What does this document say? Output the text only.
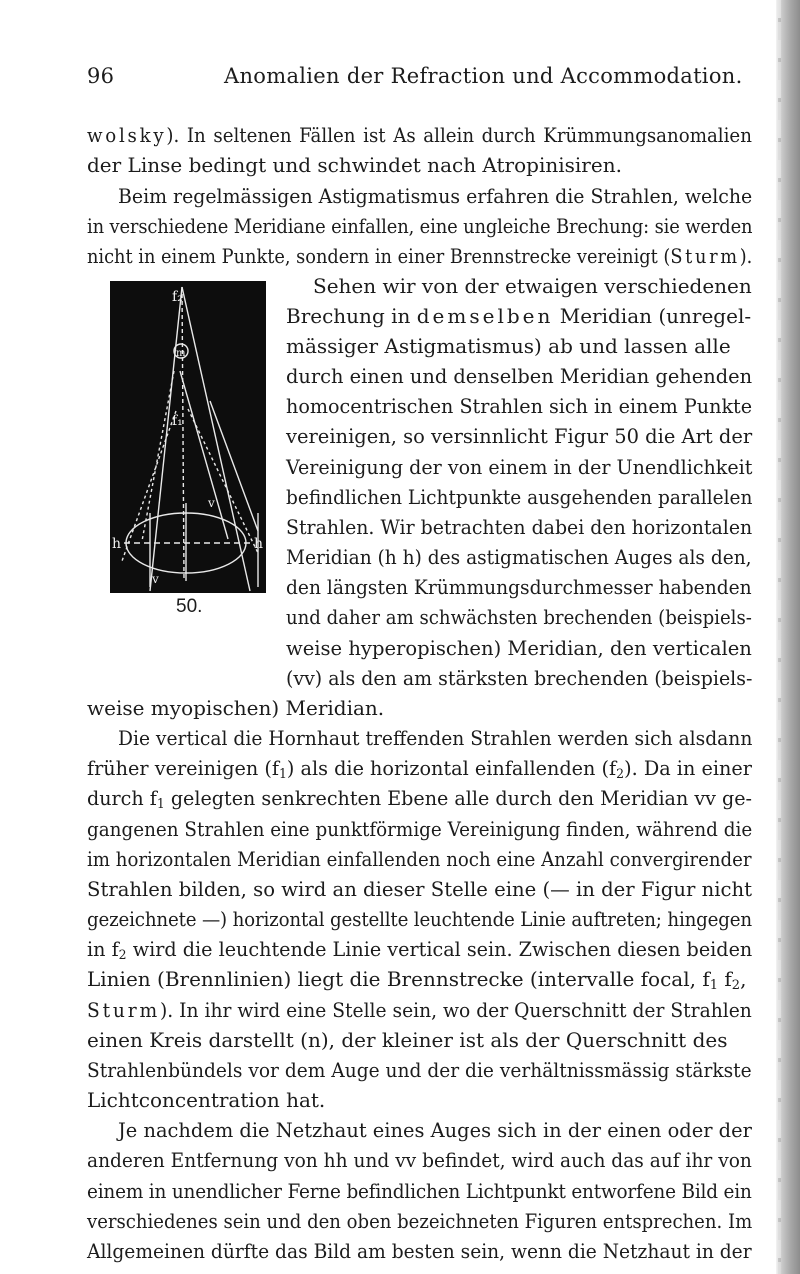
96	Anomalien der Refraction und Accommodation.
f₂
m
f₁
v
h	h
v
50.
wolsky). In seltenen Fällen ist As allein durch Krümmungsanomalien
der Linse bedingt und schwindet nach Atropinisiren.
Beim regelmässigen Astigmatismus erfahren die Strahlen, welche
in verschiedene Meridiane einfallen, eine ungleiche Brechung: sie werden
nicht in einem Punkte, sondern in einer Brennstrecke vereinigt (Sturm).
Sehen wir von der etwaigen verschiedenen
Brechung in demselben Meridian (unregel-
mässiger Astigmatismus) ab und lassen alle
durch einen und denselben Meridian gehenden
homocentrischen Strahlen sich in einem Punkte
vereinigen, so versinnlicht Figur 50 die Art der
Vereinigung der von einem in der Unendlichkeit
befindlichen Lichtpunkte ausgehenden parallelen
Strahlen. Wir betrachten dabei den horizontalen
Meridian (h h) des astigmatischen Auges als den,
den längsten Krümmungsdurchmesser habenden
und daher am schwächsten brechenden (beispiels-
weise hyperopischen) Meridian, den verticalen
(vv) als den am stärksten brechenden (beispiels-
weise myopischen) Meridian.
Die vertical die Hornhaut treffenden Strahlen werden sich alsdann
früher vereinigen $(f_1)$ als die horizontal einfallenden $(f_2)$. Da in einer
durch $f_1$ gelegten senkrechten Ebene alle durch den Meridian vv ge-
gangenen Strahlen eine punktförmige Vereinigung finden, während die
im horizontalen Meridian einfallenden noch eine Anzahl convergirender
Strahlen bilden, so wird an dieser Stelle eine (— in der Figur nicht
gezeichnete —) horizontal gestellte leuchtende Linie auftreten; hingegen
in $f_2$ wird die leuchtende Linie vertical sein. Zwischen diesen beiden
Linien (Brennlinien) liegt die Brennstrecke (intervalle focal, $f_1$ $f_2$,
Sturm). In ihr wird eine Stelle sein, wo der Querschnitt der Strahlen
einen Kreis darstellt (n), der kleiner ist als der Querschnitt des
Strahlenbündels vor dem Auge und der die verhältnissmässig stärkste
Lichtconcentration hat.
Je nachdem die Netzhaut eines Auges sich in der einen oder der
anderen Entfernung von hh und vv befindet, wird auch das auf ihr von
einem in unendlicher Ferne befindlichen Lichtpunkt entworfene Bild ein
verschiedenes sein und den oben bezeichneten Figuren entsprechen. Im
Allgemeinen dürfte das Bild am besten sein, wenn die Netzhaut in der
